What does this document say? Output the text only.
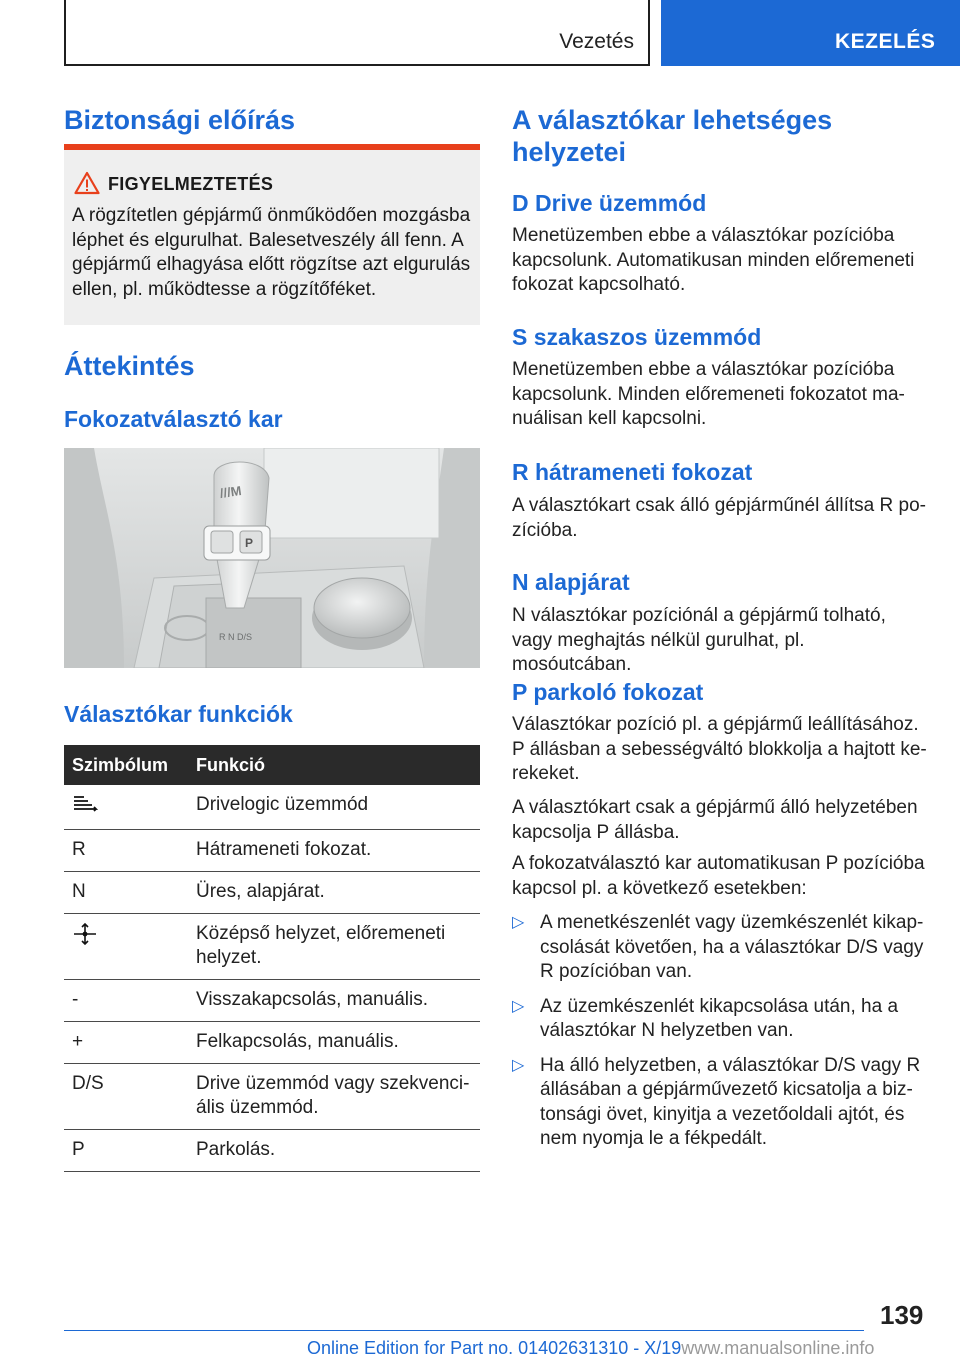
Vezetés	KEZELÉS
Biztonsági előírás
FIGYELMEZTETÉS

A rögzítetlen gépjármű önműködően mozgásba léphet és elgurulhat. Balesetveszély áll fenn. A gépjármű elhagyása előtt rögzítse azt elgurulás ellen, pl. működtesse a rögzítőféket.

Áttekintés
Fokozatválasztó kar
R N D/S
///M
P
Választókar funkciók
Szimbólum	Funkció
	Drivelogic üzemmód
R	Hátrameneti fokozat.
N	Üres, alapjárat.
	Középső helyzet, előremeneti helyzet.
-	Visszakapcsolás, manuális.
+	Felkapcsolás, manuális.
D/S	Drive üzemmód vagy szekvenciális üzemmód.
P	Parkolás.
A választókar lehetséges helyzetei
D Drive üzemmód

Menetüzemben ebbe a választókar pozícióba kapcsolunk. Automatikusan minden előremeneti fokozat kapcsolható.

S szakaszos üzemmód

Menetüzemben ebbe a választókar pozícióba kapcsolunk. Minden előremeneti fokozatot manuálisan kell kapcsolni.

R hátrameneti fokozat

A választókart csak álló gépjárműnél állítsa R pozícióba.

N alapjárat

N választókar pozíciónál a gépjármű tolható, vagy meghajtás nélkül gurulhat, pl. mosóutcában.

P parkoló fokozat

Választókar pozíció pl. a gépjármű leállításához. P állásban a sebességváltó blokkolja a hajtott kerekeket.

A választókart csak a gépjármű álló helyzetében kapcsolja P állásba.

A fokozatválasztó kar automatikusan P pozícióba kapcsol pl. a következő esetekben:

▷ A menetkészenlét vagy üzemkészenlét kikapcsolását követően, ha a választókar D/S vagy R pozícióban van.
▷ Az üzemkészenlét kikapcsolása után, ha a választókar N helyzetben van.
▷ Ha álló helyzetben, a választókar D/S vagy R állásában a gépjárművezető kicsatolja a biztonsági övet, kinyitja a vezetőoldali ajtót, és nem nyomja le a fékpedált.
139
Online Edition for Part no. 01402631310 - X/19www.manualsonline.info
